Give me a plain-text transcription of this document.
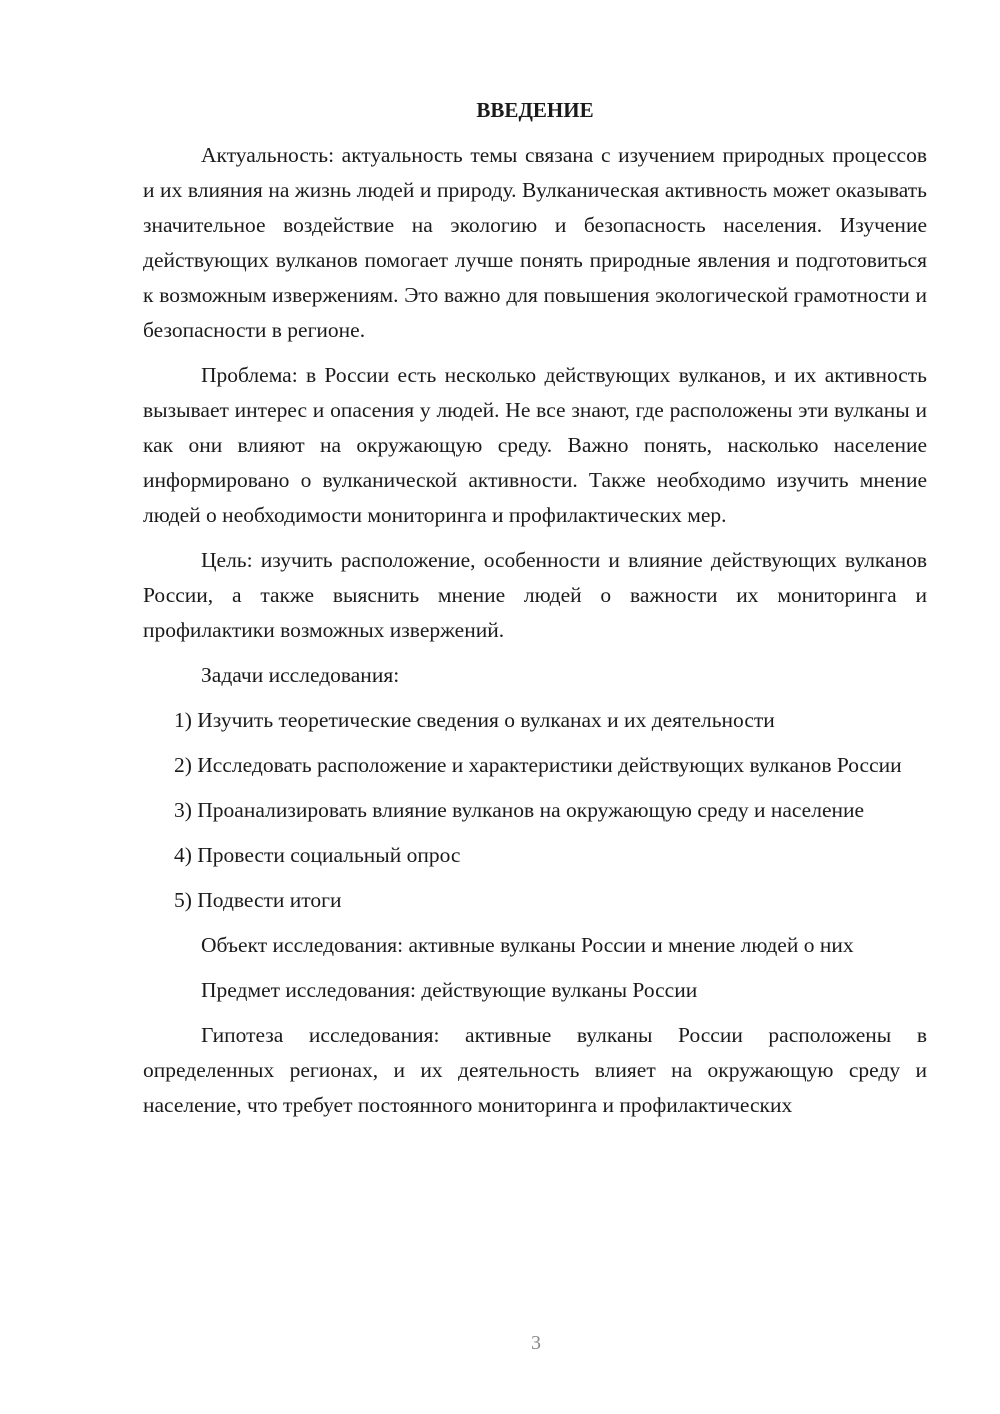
ВВЕДЕНИЕ

Актуальность: актуальность темы связана с изучением природных процессов и их влияния на жизнь людей и природу. Вулканическая активность может оказывать значительное воздействие на экологию и безопасность населения. Изучение действующих вулканов помогает лучше понять природные явления и подготовиться к возможным извержениям. Это важно для повышения экологической грамотности и безопасности в регионе.

Проблема: в России есть несколько действующих вулканов, и их активность вызывает интерес и опасения у людей. Не все знают, где расположены эти вулканы и как они влияют на окружающую среду. Важно понять, насколько население информировано о вулканической активности. Также необходимо изучить мнение людей о необходимости мониторинга и профилактических мер.

Цель: изучить расположение, особенности и влияние действующих вулканов России, а также выяснить мнение людей о важности их мониторинга и профилактики возможных извержений.

Задачи исследования:

1) Изучить теоретические сведения о вулканах и их деятельности

2) Исследовать расположение и характеристики действующих вулканов России

3) Проанализировать влияние вулканов на окружающую среду и население

4) Провести социальный опрос

5) Подвести итоги

Объект исследования: активные вулканы России и мнение людей о них

Предмет исследования: действующие вулканы России

Гипотеза исследования: активные вулканы России расположены в определенных регионах, и их деятельность влияет на окружающую среду и население, что требует постоянного мониторинга и профилактических

3
